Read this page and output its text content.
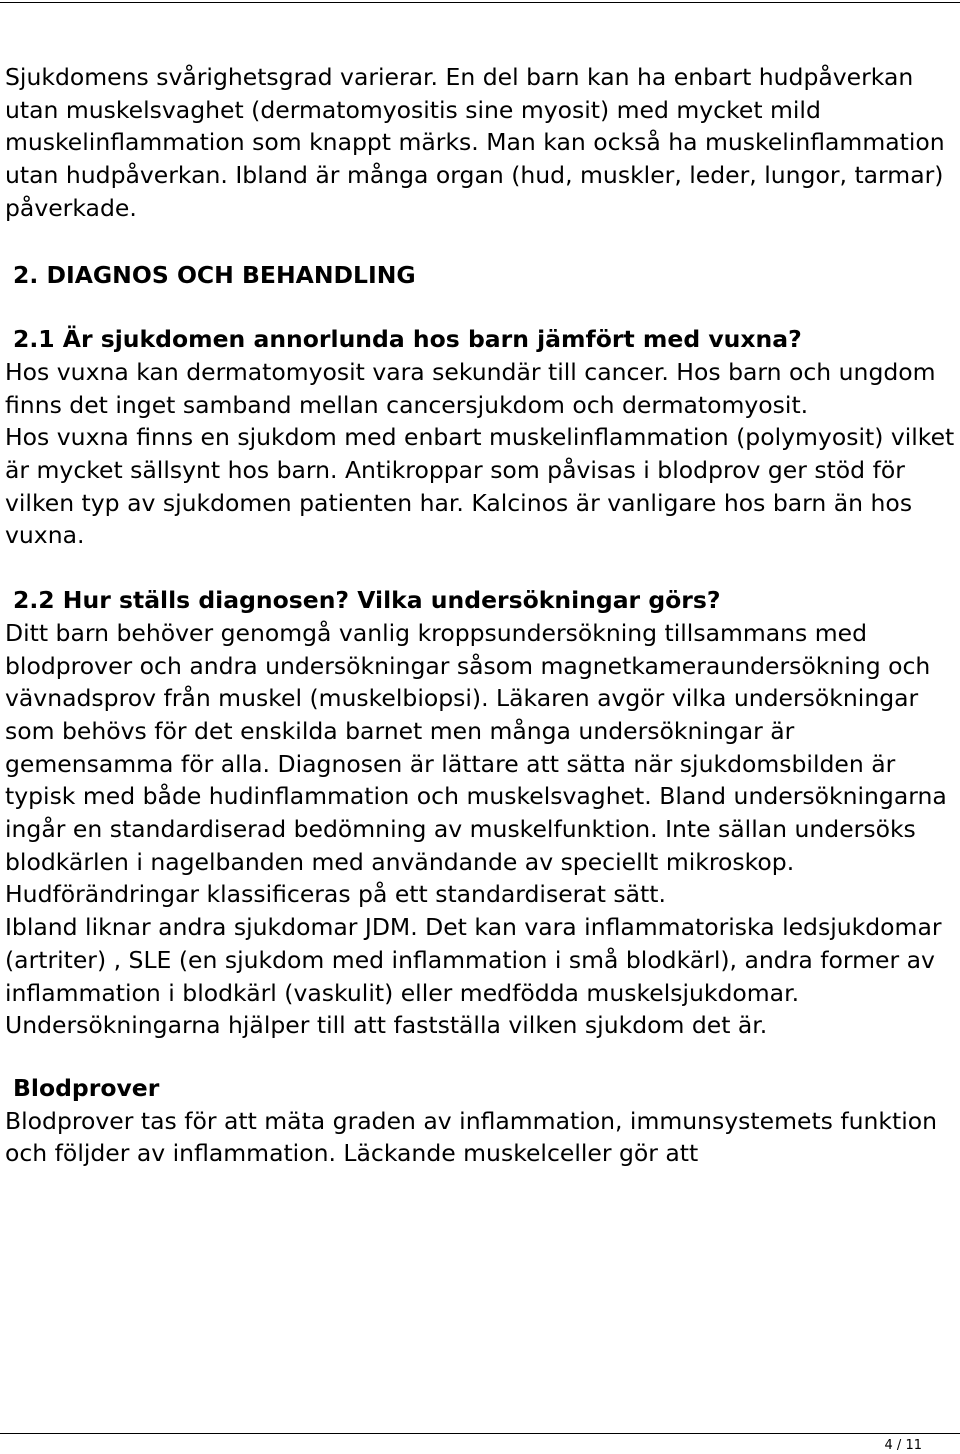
Sjukdomens svårighetsgrad varierar. En del barn kan ha enbart hudpåverkan utan muskelsvaghet (dermatomyositis sine myosit) med mycket mild muskelinflammation som knappt märks. Man kan också ha muskelinflammation utan hudpåverkan. Ibland är många organ (hud, muskler, leder, lungor, tarmar) påverkade.

2. DIAGNOS OCH BEHANDLING
2.1 Är sjukdomen annorlunda hos barn jämfört med vuxna?

Hos vuxna kan dermatomyosit vara sekundär till cancer. Hos barn och ungdom finns det inget samband mellan cancersjukdom och dermatomyosit.

Hos vuxna finns en sjukdom med enbart muskelinflammation (polymyosit) vilket är mycket sällsynt hos barn. Antikroppar som påvisas i blodprov ger stöd för vilken typ av sjukdomen patienten har. Kalcinos är vanligare hos barn än hos vuxna.

2.2 Hur ställs diagnosen? Vilka undersökningar görs?

Ditt barn behöver genomgå vanlig kroppsundersökning tillsammans med blodprover och andra undersökningar såsom magnetkameraundersökning och vävnadsprov från muskel (muskelbiopsi). Läkaren avgör vilka undersökningar som behövs för det enskilda barnet men många undersökningar är gemensamma för alla. Diagnosen är lättare att sätta när sjukdomsbilden är typisk med både hudinflammation och muskelsvaghet. Bland undersökningarna ingår en standardiserad bedömning av muskelfunktion. Inte sällan undersöks blodkärlen i nagelbanden med användande av speciellt mikroskop. Hudförändringar klassificeras på ett standardiserat sätt.

Ibland liknar andra sjukdomar JDM. Det kan vara inflammatoriska ledsjukdomar (artriter) , SLE (en sjukdom med inflammation i små blodkärl), andra former av inflammation i blodkärl (vaskulit) eller medfödda muskelsjukdomar. Undersökningarna hjälper till att fastställa vilken sjukdom det är.

Blodprover

Blodprover tas för att mäta graden av inflammation, immunsystemets funktion och följder av inflammation. Läckande muskelceller gör att

4 / 11
